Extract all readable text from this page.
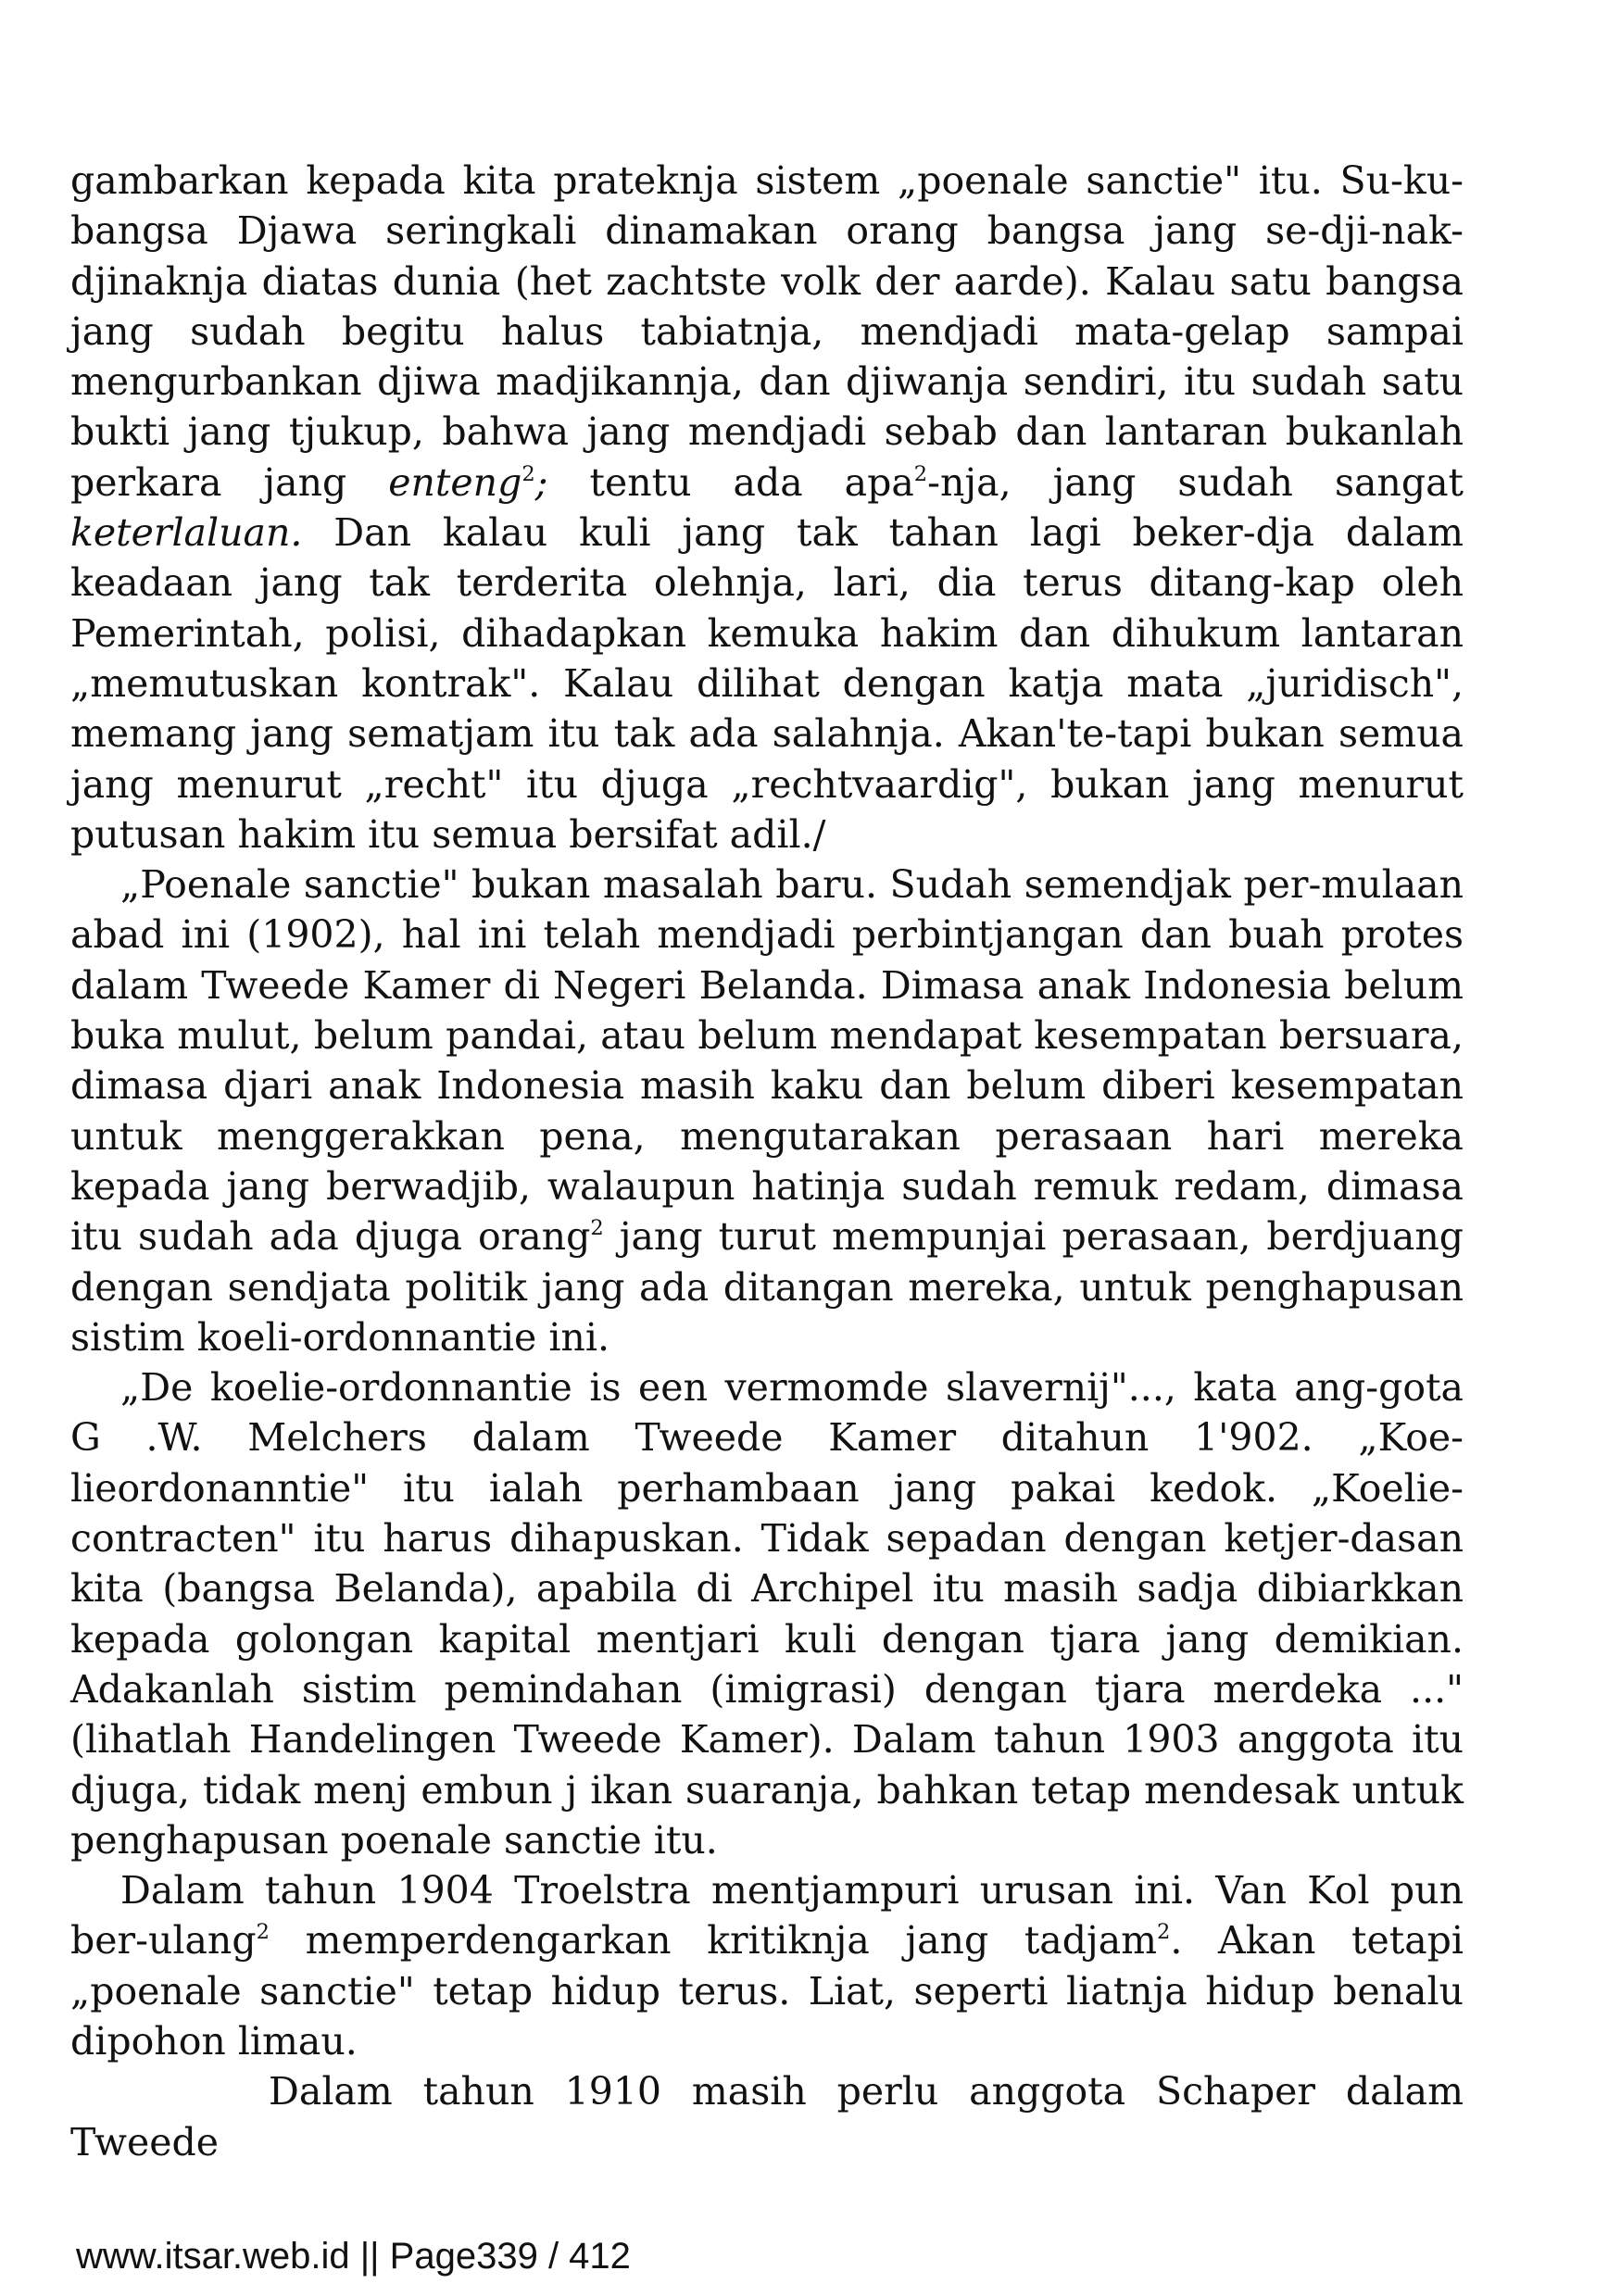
gambarkan kepada kita prateknja sistem „poenale sanctie" itu. Su-ku-bangsa Djawa seringkali dinamakan orang bangsa jang se-dji-nak-djinaknja diatas dunia (het zachtste volk der aarde). Kalau satu bangsa jang sudah begitu halus tabiatnja, mendjadi mata-gelap sampai mengurbankan djiwa madjikannja, dan djiwanja sendiri, itu sudah satu bukti jang tjukup, bahwa jang mendjadi sebab dan lantaran bukanlah perkara jang enteng$^2$; tentu ada apa$^2$-nja, jang sudah sangat keterlaluan. Dan kalau kuli jang tak tahan lagi beker-dja dalam keadaan jang tak terderita olehnja, lari, dia terus ditang-kap oleh Pemerintah, polisi, dihadapkan kemuka hakim dan dihukum lantaran „memutuskan kontrak". Kalau dilihat dengan katja mata „juridisch", memang jang sematjam itu tak ada salahnja. Akan'te-tapi bukan semua jang menurut „recht" itu djuga „rechtvaardig", bukan jang menurut putusan hakim itu semua bersifat adil./

„Poenale sanctie" bukan masalah baru. Sudah semendjak per-mulaan abad ini (1902), hal ini telah mendjadi perbintjangan dan buah protes dalam Tweede Kamer di Negeri Belanda. Dimasa anak Indonesia belum buka mulut, belum pandai, atau belum mendapat kesempatan bersuara, dimasa djari anak Indonesia masih kaku dan belum diberi kesempatan untuk menggerakkan pena, mengutarakan perasaan hari mereka kepada jang berwadjib, walaupun hatinja sudah remuk redam, dimasa itu sudah ada djuga orang$^2$ jang turut mempunjai perasaan, berdjuang dengan sendjata politik jang ada ditangan mereka, untuk penghapusan sistim koeli-ordonnantie ini.

„De koelie-ordonnantie is een vermomde slavernij"..., kata ang-gota G .W. Melchers dalam Tweede Kamer ditahun 1'902. „Koe-lieordonanntie" itu ialah perhambaan jang pakai kedok. „Koelie-contracten" itu harus dihapuskan. Tidak sepadan dengan ketjer-dasan kita (bangsa Belanda), apabila di Archipel itu masih sadja dibiarkkan kepada golongan kapital mentjari kuli dengan tjara jang demikian. Adakanlah sistim pemindahan (imigrasi) dengan tjara merdeka ..." (lihatlah Handelingen Tweede Kamer). Dalam tahun 1903 anggota itu djuga, tidak menj embun j ikan suaranja, bahkan tetap mendesak untuk penghapusan poenale sanctie itu.

Dalam tahun 1904 Troelstra mentjampuri urusan ini. Van Kol pun ber-ulang$^2$ memperdengarkan kritiknja jang tadjam$^2$. Akan tetapi „poenale sanctie" tetap hidup terus. Liat, seperti liatnja hidup benalu dipohon limau.

Dalam tahun 1910 masih perlu anggota Schaper dalam Tweede

www.itsar.web.id || Page339 / 412
